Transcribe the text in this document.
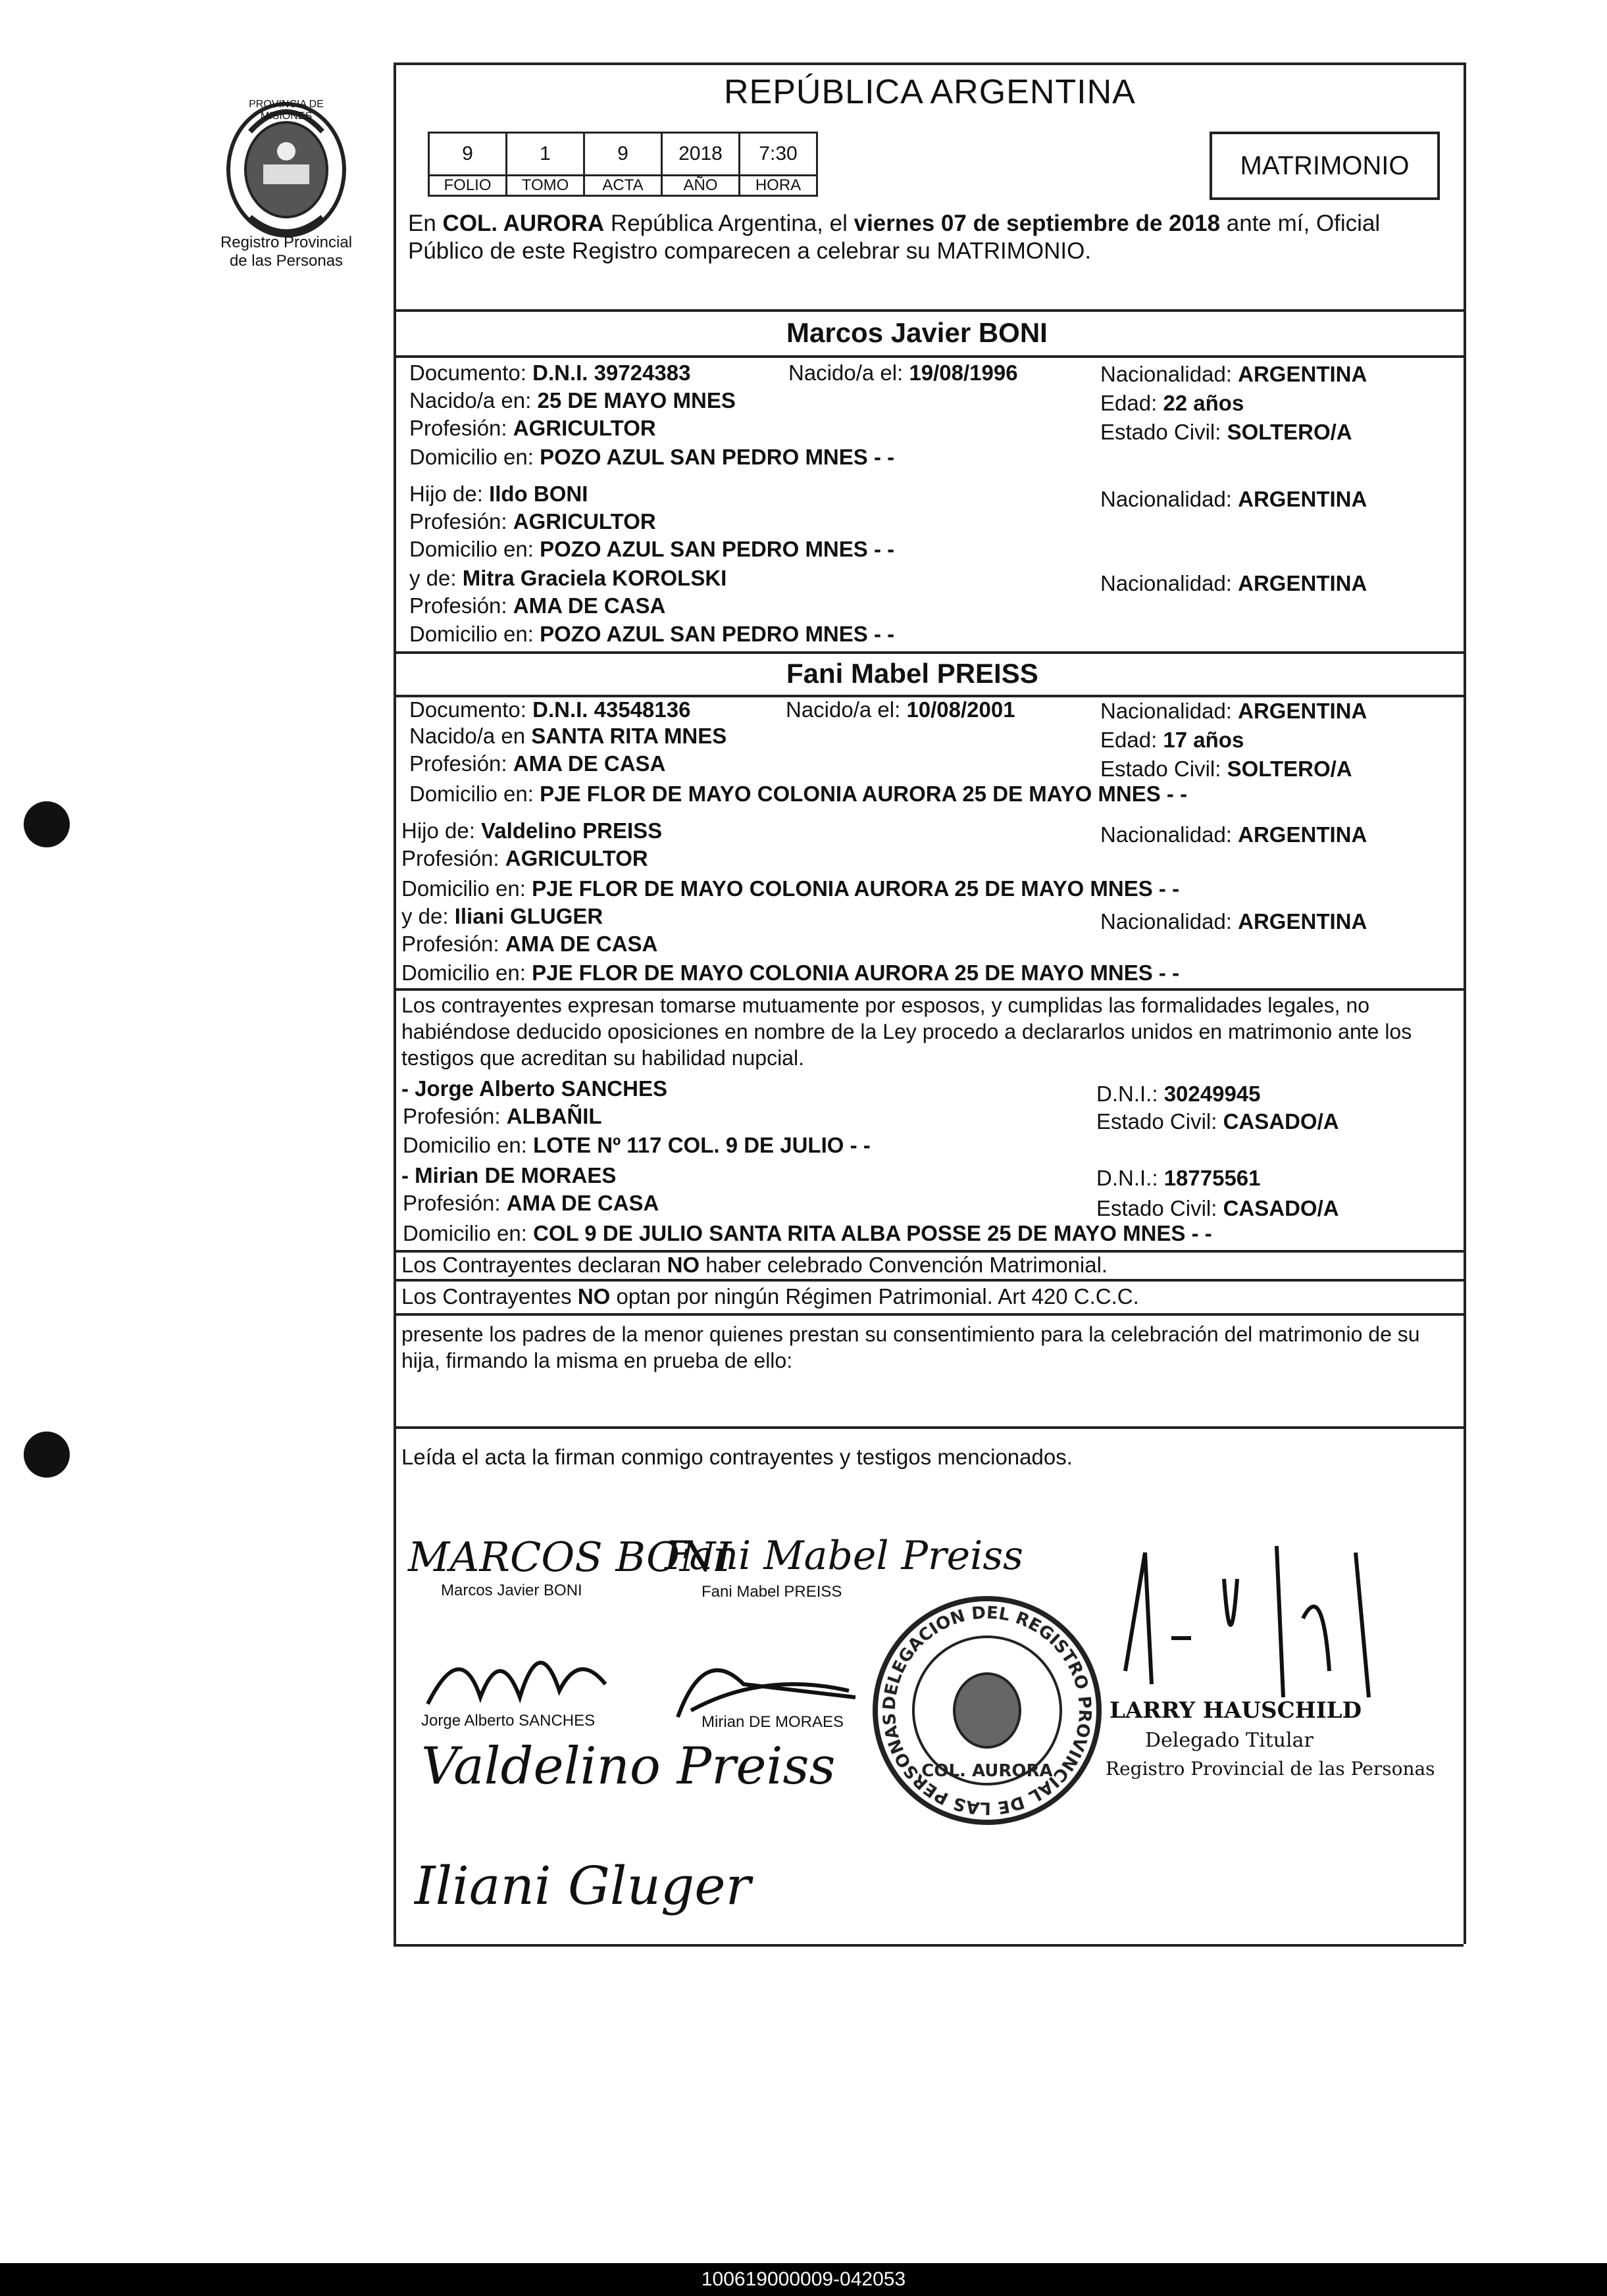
Registro Provincial
de las Personas
PROVINCIA DE MISIONES
REPÚBLICA ARGENTINA
9	1	9	2018	7:30
FOLIO	TOMO	ACTA	AÑO	HORA
MATRIMONIO
En COL. AURORA República Argentina, el viernes 07 de septiembre de 2018 ante mí, Oficial
Público de este Registro comparecen a celebrar su MATRIMONIO.
Marcos Javier BONI
Documento: D.N.I. 39724383	Nacido/a el: 19/08/1996	Nacionalidad: ARGENTINA
Nacido/a en: 25 DE MAYO MNES	Edad: 22 años
Profesión: AGRICULTOR	Estado Civil: SOLTERO/A
Domicilio en: POZO AZUL SAN PEDRO MNES - -
Hijo de: Ildo BONI	Nacionalidad: ARGENTINA
Profesión: AGRICULTOR
Domicilio en: POZO AZUL SAN PEDRO MNES - -
y de: Mitra Graciela KOROLSKI	Nacionalidad: ARGENTINA
Profesión: AMA DE CASA
Domicilio en: POZO AZUL SAN PEDRO MNES - -
Fani Mabel PREISS
Documento: D.N.I. 43548136	Nacido/a el: 10/08/2001	Nacionalidad: ARGENTINA
Nacido/a en SANTA RITA MNES	Edad: 17 años
Profesión: AMA DE CASA	Estado Civil: SOLTERO/A
Domicilio en: PJE FLOR DE MAYO COLONIA AURORA 25 DE MAYO MNES - -
Hijo de: Valdelino PREISS	Nacionalidad: ARGENTINA
Profesión: AGRICULTOR
Domicilio en: PJE FLOR DE MAYO COLONIA AURORA 25 DE MAYO MNES - -
y de: Iliani GLUGER	Nacionalidad: ARGENTINA
Profesión: AMA DE CASA
Domicilio en: PJE FLOR DE MAYO COLONIA AURORA 25 DE MAYO MNES - -
Los contrayentes expresan tomarse mutuamente por esposos, y cumplidas las formalidades legales, no habiéndose deducido oposiciones en nombre de la Ley procedo a declararlos unidos en matrimonio ante los testigos que acreditan su habilidad nupcial.
- Jorge Alberto SANCHES	D.N.I.: 30249945
Profesión: ALBAÑIL	Estado Civil: CASADO/A
Domicilio en: LOTE Nº 117 COL. 9 DE JULIO - -
- Mirian DE MORAES	D.N.I.: 18775561
Profesión: AMA DE CASA	Estado Civil: CASADO/A
Domicilio en: COL 9 DE JULIO SANTA RITA ALBA POSSE 25 DE MAYO MNES - -
Los Contrayentes declaran NO haber celebrado Convención Matrimonial.
Los Contrayentes NO optan por ningún Régimen Patrimonial. Art 420 C.C.C.
presente los padres de la menor quienes prestan su consentimiento para la celebración del matrimonio de su hija, firmando la misma en prueba de ello:
Leída el acta la firman conmigo contrayentes y testigos mencionados.
MARCOS BONI
Fani Mabel Preiss
Marcos Javier BONI	Fani Mabel PREISS
Jorge Alberto SANCHES	Mirian DE MORAES
Valdelino Preiss
Iliani Gluger
LARRY HAUSCHILD
Delegado Titular
Registro Provincial de las Personas
DELEGACION DEL REGISTRO PROVINCIAL DE LAS PERSONAS
COL. AURORA
100619000009-042053
